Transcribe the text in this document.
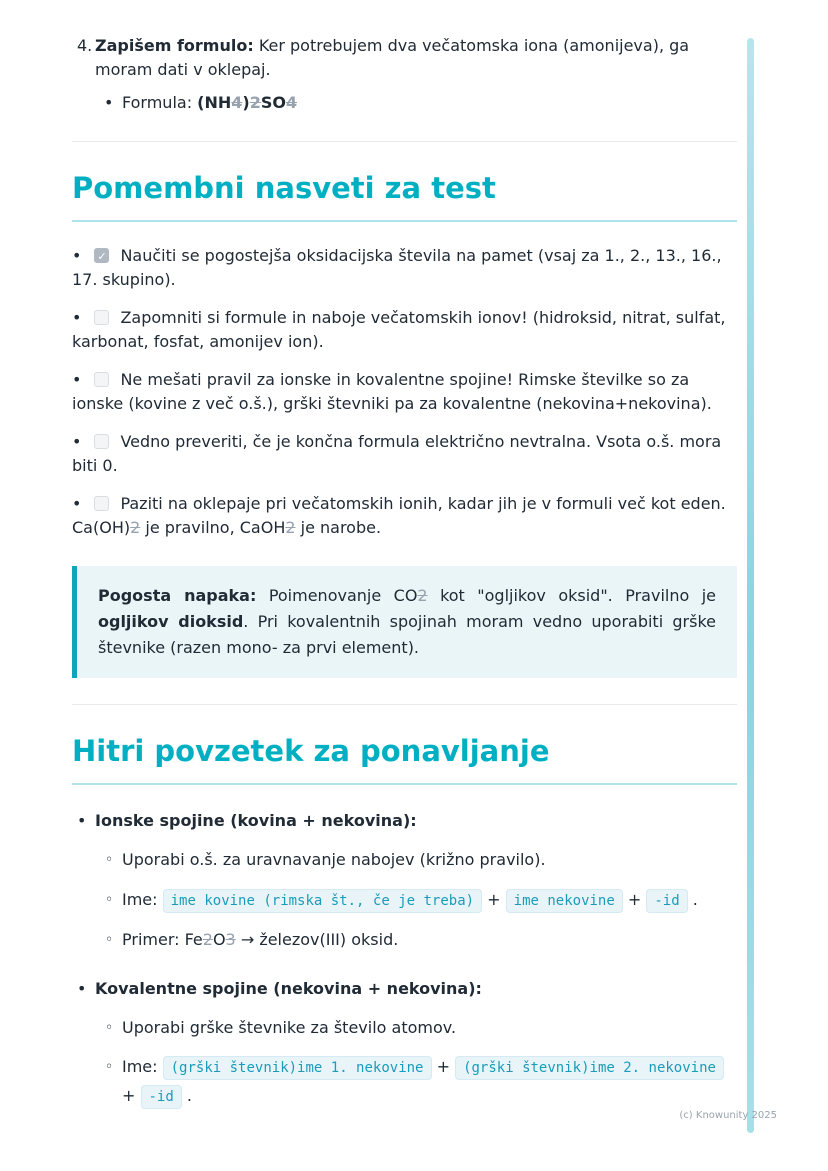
4. Zapišem formulo: Ker potrebujem dva večatomska iona (amonijeva), ga moram dati v oklepaj.
• Formula: (NH4)2SO4
Pomembni nasveti za test
• ✓ Naučiti se pogostejša oksidacijska števila na pamet (vsaj za 1., 2., 13., 16., 17. skupino).
• Zapomniti si formule in naboje večatomskih ionov! (hidroksid, nitrat, sulfat, karbonat, fosfat, amonijev ion).
• Ne mešati pravil za ionske in kovalentne spojine! Rimske številke so za ionske (kovine z več o.š.), grški števniki pa za kovalentne (nekovina+nekovina).
• Vedno preveriti, če je končna formula električno nevtralna. Vsota o.š. mora biti 0.
• Paziti na oklepaje pri večatomskih ionih, kadar jih je v formuli več kot eden. Ca(OH)2 je pravilno, CaOH2 je narobe.

Pogosta napaka: Poimenovanje CO2 kot "ogljikov oksid". Pravilno je ogljikov dioksid. Pri kovalentnih spojinah moram vedno uporabiti grške števnike (razen mono- za prvi element).

Hitri povzetek za ponavljanje
• Ionske spojine (kovina + nekovina):
◦ Uporabi o.š. za uravnavanje nabojev (križno pravilo).
◦ Ime: ime kovine (rimska št., če je treba) + ime nekovine + -id .
◦ Primer: Fe2O3 → železov(III) oksid.
• Kovalentne spojine (nekovina + nekovina):
◦ Uporabi grške števnike za število atomov.
◦ Ime: (grški števnik)ime 1. nekovine + (grški števnik)ime 2. nekovine + -id .
(c) Knowunity 2025
